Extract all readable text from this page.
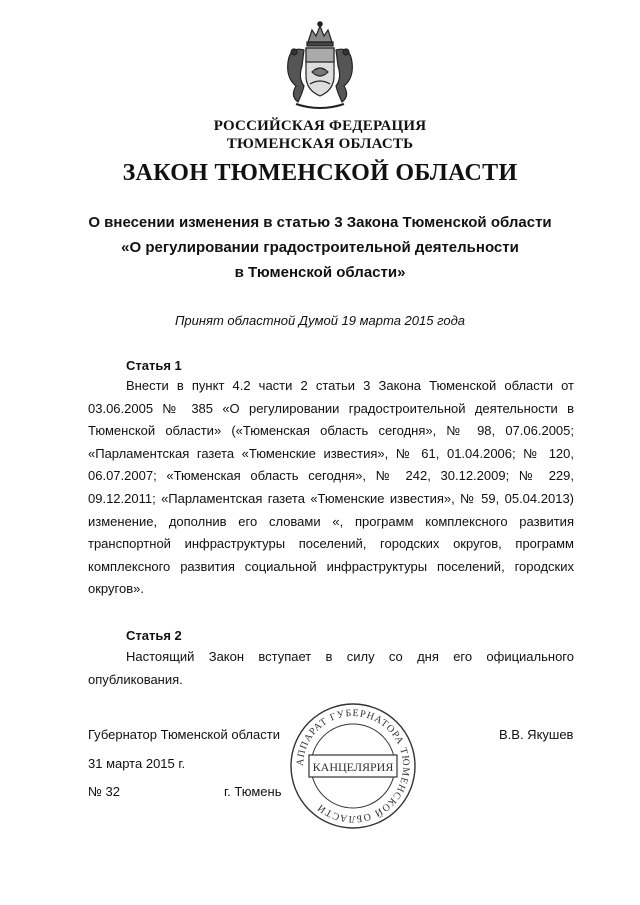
РОССИЙСКАЯ ФЕДЕРАЦИЯ
ТЮМЕНСКАЯ ОБЛАСТЬ
ЗАКОН ТЮМЕНСКОЙ ОБЛАСТИ
О внесении изменения в статью 3 Закона Тюменской области
«О регулировании градостроительной деятельности
в Тюменской области»
Принят областной Думой 19 марта 2015 года
Статья 1

Внести в пункт 4.2 части 2 статьи 3 Закона Тюменской области от 03.06.2005 № 385 «О регулировании градостроительной деятельности в Тюменской области» («Тюменская область сегодня», № 98, 07.06.2005; «Парламентская газета «Тюменские известия», № 61, 01.04.2006; № 120, 06.07.2007; «Тюменская область сегодня», № 242, 30.12.2009; № 229, 09.12.2011; «Парламентская газета «Тюменские известия», № 59, 05.04.2013) изменение, дополнив его словами «, программ комплексного развития транспортной инфраструктуры поселений, городских округов, программ комплексного развития социальной инфраструктуры поселений, городских округов».

Статья 2

Настоящий Закон вступает в силу со дня его официального опубликования.

Губернатор Тюменской области	В.В. Якушев
31 марта 2015 г.
№ 32	г. Тюмень
АППАРАТ ГУБЕРНАТОРА ТЮМЕНСКОЙ ОБЛАСТИ
КАНЦЕЛЯРИЯ
